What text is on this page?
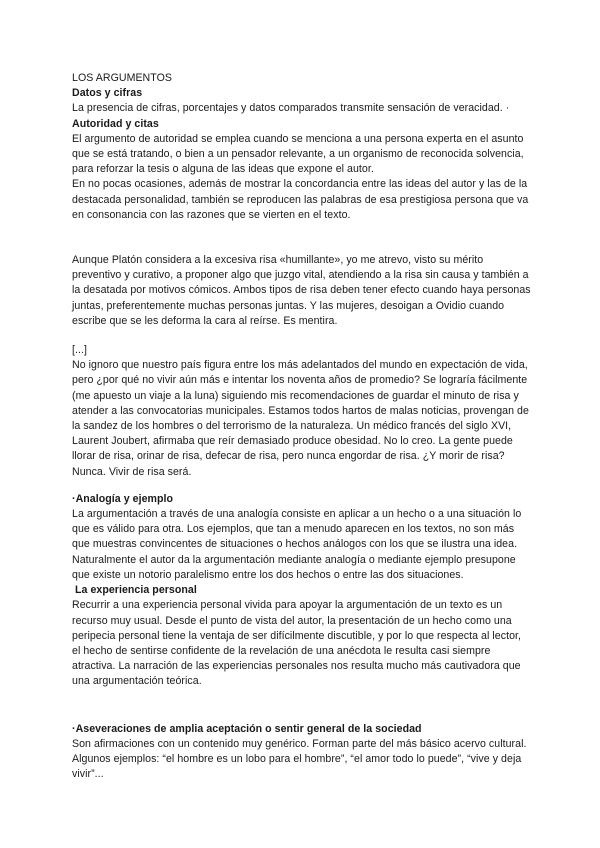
LOS ARGUMENTOS

Datos y cifras

La presencia de cifras, porcentajes y datos comparados transmite sensación de veracidad. ·

Autoridad y citas

El argumento de autoridad se emplea cuando se menciona a una persona experta en el asunto que se está tratando, o bien a un pensador relevante, a un organismo de reconocida solvencia, para reforzar la tesis o alguna de las ideas que expone el autor.

En no pocas ocasiones, además de mostrar la concordancia entre las ideas del autor y las de la destacada personalidad, también se reproducen las palabras de esa prestigiosa persona que va en consonancia con las razones que se vierten en el texto.

Aunque Platón considera a la excesiva risa «humillante», yo me atrevo, visto su mérito preventivo y curativo, a proponer algo que juzgo vital, atendiendo a la risa sin causa y también a la desatada por motivos cómicos. Ambos tipos de risa deben tener efecto cuando haya personas juntas, preferentemente muchas personas juntas. Y las mujeres, desoigan a Ovidio cuando escribe que se les deforma la cara al reírse. Es mentira.

[...]

No ignoro que nuestro país figura entre los más adelantados del mundo en expectación de vida, pero ¿por qué no vivir aún más e intentar los noventa años de promedio? Se lograría fácilmente (me apuesto un viaje a la luna) siguiendo mis recomendaciones de guardar el minuto de risa y atender a las convocatorias municipales. Estamos todos hartos de malas noticias, provengan de la sandez de los hombres o del terrorismo de la naturaleza. Un médico francés del siglo XVI, Laurent Joubert, afirmaba que reír demasiado produce obesidad. No lo creo. La gente puede llorar de risa, orinar de risa, defecar de risa, pero nunca engordar de risa. ¿Y morir de risa? Nunca. Vivir de risa será.

·Analogía y ejemplo

La argumentación a través de una analogía consiste en aplicar a un hecho o a una situación lo que es válido para otra. Los ejemplos, que tan a menudo aparecen en los textos, no son más que muestras convincentes de situaciones o hechos análogos con los que se ilustra una idea. Naturalmente el autor da la argumentación mediante analogía o mediante ejemplo presupone que existe un notorio paralelismo entre los dos hechos o entre las dos situaciones.

La experiencia personal

Recurrir a una experiencia personal vivida para apoyar la argumentación de un texto es un recurso muy usual. Desde el punto de vista del autor, la presentación de un hecho como una peripecia personal tiene la ventaja de ser difícilmente discutible, y por lo que respecta al lector, el hecho de sentirse confidente de la revelación de una anécdota le resulta casi siempre atractiva. La narración de las experiencias personales nos resulta mucho más cautivadora que una argumentación teórica.

·Aseveraciones de amplia aceptación o sentir general de la sociedad

Son afirmaciones con un contenido muy genérico. Forman parte del más básico acervo cultural. Algunos ejemplos: “el hombre es un lobo para el hombre”, “el amor todo lo puede”, “vive y deja vivir”...
